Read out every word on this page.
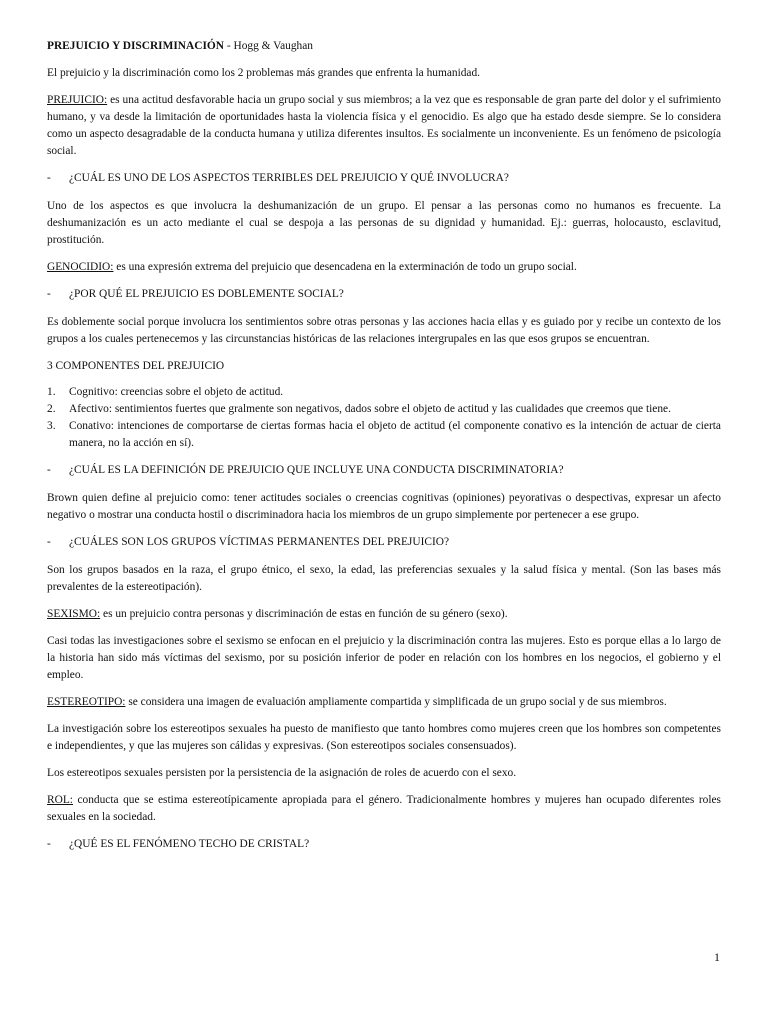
PREJUICIO Y DISCRIMINACIÓN - Hogg & Vaughan

El prejuicio y la discriminación como los 2 problemas más grandes que enfrenta la humanidad.

PREJUICIO: es una actitud desfavorable hacia un grupo social y sus miembros; a la vez que es responsable de gran parte del dolor y el sufrimiento humano, y va desde la limitación de oportunidades hasta la violencia física y el genocidio. Es algo que ha estado desde siempre. Se lo considera como un aspecto desagradable de la conducta humana y utiliza diferentes insultos. Es socialmente un inconveniente. Es un fenómeno de psicología social.

-	¿CUÁL ES UNO DE LOS ASPECTOS TERRIBLES DEL PREJUICIO Y QUÉ INVOLUCRA?

Uno de los aspectos es que involucra la deshumanización de un grupo. El pensar a las personas como no humanos es frecuente. La deshumanización es un acto mediante el cual se despoja a las personas de su dignidad y humanidad. Ej.: guerras, holocausto, esclavitud, prostitución.

GENOCIDIO: es una expresión extrema del prejuicio que desencadena en la exterminación de todo un grupo social.

-	¿POR QUÉ EL PREJUICIO ES DOBLEMENTE SOCIAL?

Es doblemente social porque involucra los sentimientos sobre otras personas y las acciones hacia ellas y es guiado por y recibe un contexto de los grupos a los cuales pertenecemos y las circunstancias históricas de las relaciones intergrupales en las que esos grupos se encuentran.

3 COMPONENTES DEL PREJUICIO

1.	Cognitivo: creencias sobre el objeto de actitud.
2.	Afectivo: sentimientos fuertes que gralmente son negativos, dados sobre el objeto de actitud y las cualidades que creemos que tiene.
3.	Conativo: intenciones de comportarse de ciertas formas hacia el objeto de actitud (el componente conativo es la intención de actuar de cierta manera, no la acción en sí).
-	¿CUÁL ES LA DEFINICIÓN DE PREJUICIO QUE INCLUYE UNA CONDUCTA DISCRIMINATORIA?

Brown quien define al prejuicio como: tener actitudes sociales o creencias cognitivas (opiniones) peyorativas o despectivas, expresar un afecto negativo o mostrar una conducta hostil o discriminadora hacia los miembros de un grupo simplemente por pertenecer a ese grupo.

-	¿CUÁLES SON LOS GRUPOS VÍCTIMAS PERMANENTES DEL PREJUICIO?

Son los grupos basados en la raza, el grupo étnico, el sexo, la edad, las preferencias sexuales y la salud física y mental. (Son las bases más prevalentes de la estereotipación).

SEXISMO: es un prejuicio contra personas y discriminación de estas en función de su género (sexo).

Casi todas las investigaciones sobre el sexismo se enfocan en el prejuicio y la discriminación contra las mujeres. Esto es porque ellas a lo largo de la historia han sido más víctimas del sexismo, por su posición inferior de poder en relación con los hombres en los negocios, el gobierno y el empleo.

ESTEREOTIPO: se considera una imagen de evaluación ampliamente compartida y simplificada de un grupo social y de sus miembros.

La investigación sobre los estereotipos sexuales ha puesto de manifiesto que tanto hombres como mujeres creen que los hombres son competentes e independientes, y que las mujeres son cálidas y expresivas. (Son estereotipos sociales consensuados).

Los estereotipos sexuales persisten por la persistencia de la asignación de roles de acuerdo con el sexo.

ROL: conducta que se estima estereotípicamente apropiada para el género. Tradicionalmente hombres y mujeres han ocupado diferentes roles sexuales en la sociedad.

-	¿QUÉ ES EL FENÓMENO TECHO DE CRISTAL?
1
